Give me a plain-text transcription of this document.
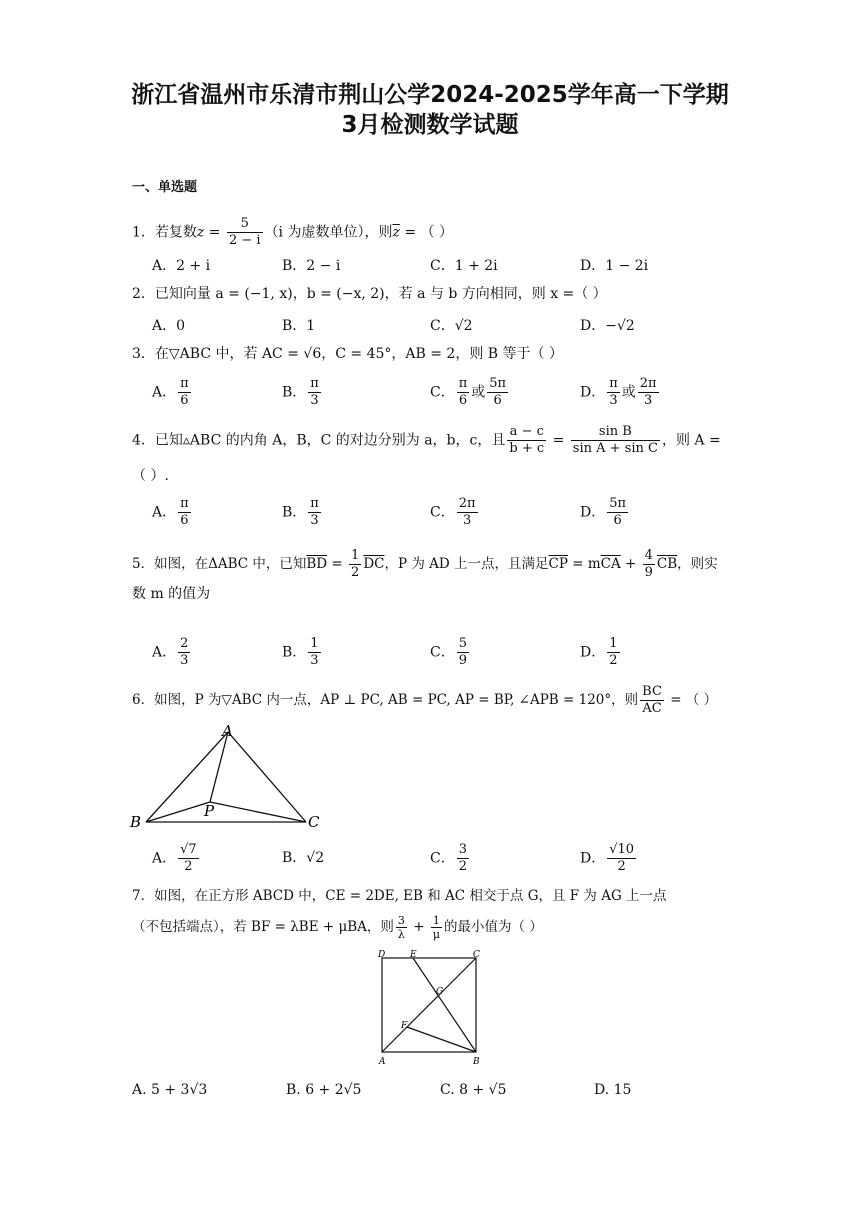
浙江省温州市乐清市荆山公学2024-2025学年高一下学期
3月检测数学试题
一、单选题
1．若复数$z = \frac{5}{2 - i} (i$ 为虚数单位），则$\overline{z}$ = （ ）
A．2 + i	B．2 − i	C．1 + 2i	D．1 − 2i
2．已知向量 a = (−1, x)，b = (−x, 2)，若 a 与 b 方向相同，则 x =（ ）
A．0	B．1	C．√2	D．−√2
3．在▽ABC 中，若 AC = √6，C = 45°，AB = 2，则 B 等于（ ）
A． $\frac{\pi}{6}$	B． $\frac{\pi}{3}$	C． $\frac{\pi}{6}$ 或 $\frac{5\pi}{6}$	D． $\frac{\pi}{3}$ 或 $\frac{2\pi}{3}$
4．已知▵ABC 的内角 A，B，C 的对边分别为 a，b，c，且 $\frac{a - c}{b + c} = \frac{\text{sin B}}{\text{sin A + sin C}}$ ，则 A =
（ ）.
A． $\frac{\pi}{6}$	B． $\frac{\pi}{3}$	C． $\frac{2\pi}{3}$	D． $\frac{5\pi}{6}$
5．如图，在ΔABC 中，已知$\overline{BD} = \frac{1}{2} \overline{DC}$，P 为 AD 上一点，且满足$\overline{CP} = m\overline{CA} + \frac{4}{9} \overline{CB}$，则实
数 m 的值为
A． $\frac{2}{3}$	B． $\frac{1}{3}$	C． $\frac{5}{9}$	D． $\frac{1}{2}$
6．如图，P 为▽ABC 内一点，AP ⊥ PC, AB = PC, AP = BP, ∠APB = 120°，则 $\frac{BC}{AC}$ = （ ）
A
B	C
P
A． $\frac{√7}{2}$	B．√2	C． $\frac{3}{2}$	D． $\frac{√10}{2}$
7．如图，在正方形 ABCD 中，CE = 2DE, EB 和 AC 相交于点 G，且 F 为 AG 上一点
（不包括端点），若 BF = λBE + μBA，则 $\frac{3}{\lambda} + \frac{1}{\mu}$ 的最小值为（ ）
D	E	C
G
F
A	B
A. 5 + 3√3	B. 6 + 2√5	C. 8 + √5	D. 15
